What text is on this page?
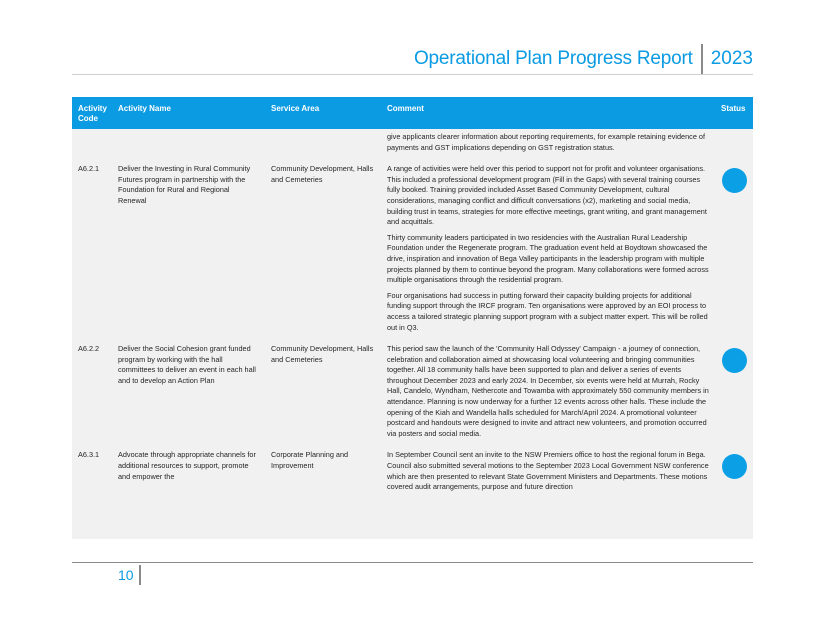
Operational Plan Progress Report 2023
Activity Code	Activity Name	Service Area	Comment	Status

			give applicants clearer information about reporting requirements, for example retaining evidence of payments and GST implications depending on GST registration status.	

A6.2.1	Deliver the Investing in Rural Community Futures program in partnership with the Foundation for Rural and Regional Renewal	Community Development, Halls and Cemeteries	A range of activities were held over this period to support not for profit and volunteer organisations. This included a professional development program (Fill in the Gaps) with several training courses fully booked. Training provided included Asset Based Community Development, cultural considerations, managing conflict and difficult conversations (x2), marketing and social media, building trust in teams, strategies for more effective meetings, grant writing, and grant management and acquittals.

Thirty community leaders participated in two residencies with the Australian Rural Leadership Foundation under the Regenerate program. The graduation event held at Boydtown showcased the drive, inspiration and innovation of Bega Valley participants in the leadership program with multiple projects planned by them to continue beyond the program. Many collaborations were formed across multiple organisations through the residential program.

Four organisations had success in putting forward their capacity building projects for additional funding support through the IRCF program. Ten organisations were approved by an EOI process to access a tailored strategic planning support program with a subject matter expert. This will be rolled out in Q3.	

A6.2.2	Deliver the Social Cohesion grant funded program by working with the hall committees to deliver an event in each hall and to develop an Action Plan	Community Development, Halls and Cemeteries	This period saw the launch of the 'Community Hall Odyssey' Campaign - a journey of connection, celebration and collaboration aimed at showcasing local volunteering and bringing communities together. All 18 community halls have been supported to plan and deliver a series of events throughout December 2023 and early 2024. In December, six events were held at Murrah, Rocky Hall, Candelo, Wyndham, Nethercote and Towamba with approximately 550 community members in attendance. Planning is now underway for a further 12 events across other halls. These include the opening of the Kiah and Wandella halls scheduled for March/April 2024. A promotional volunteer postcard and handouts were designed to invite and attract new volunteers, and promotion occurred via posters and social media.	

A6.3.1	Advocate through appropriate channels for additional resources to support, promote and empower the	Corporate Planning and Improvement	In September Council sent an invite to the NSW Premiers office to host the regional forum in Bega. Council also submitted several motions to the September 2023 Local Government NSW conference which are then presented to relevant State Government Ministers and Departments. These motions covered audit arrangements, purpose and future direction	

10
